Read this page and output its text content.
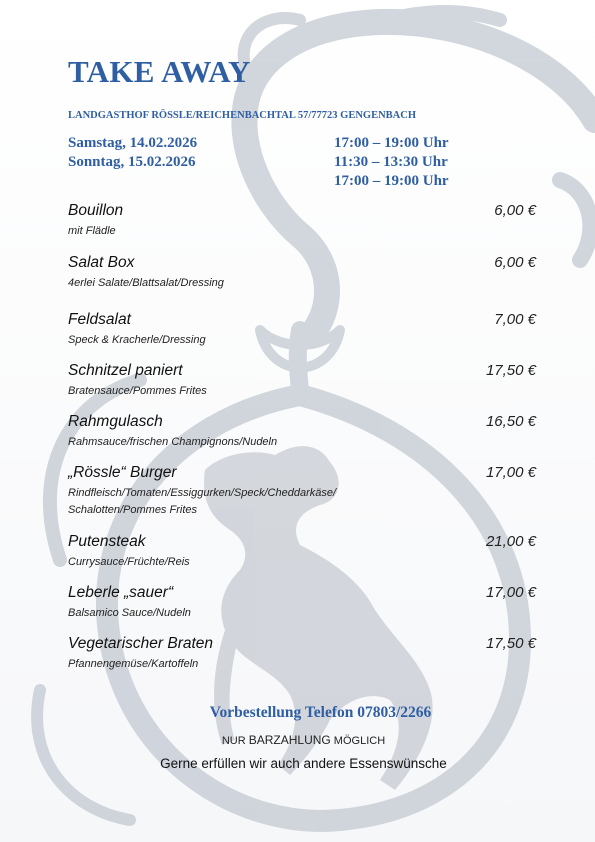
TAKE AWAY
LANDGASTHOF RÖSSLE/REICHENBACHTAL 57/77723 GENGENBACH
Samstag, 14.02.2026	17:00 – 19:00 Uhr
Sonntag, 15.02.2026	11:30 – 13:30 Uhr
17:00 – 19:00 Uhr
Bouillon
mit Flädle
6,00 €
Salat Box
4erlei Salate/Blattsalat/Dressing
6,00 €
Feldsalat
Speck & Kracherle/Dressing
7,00 €
Schnitzel paniert
Bratensauce/Pommes Frites
17,50 €
Rahmgulasch
Rahmsauce/frischen Champignons/Nudeln
16,50 €
„Rössle“ Burger
Rindfleisch/Tomaten/Essiggurken/Speck/Cheddarkäse/
Schalotten/Pommes Frites
17,00 €
Putensteak
Currysauce/Früchte/Reis
21,00 €
Leberle „sauer“
Balsamico Sauce/Nudeln
17,00 €
Vegetarischer Braten
Pfannengemüse/Kartoffeln
17,50 €
Vorbestellung Telefon 07803/2266
NUR BARZAHLUNG MÖGLICH
Gerne erfüllen wir auch andere Essenswünsche
